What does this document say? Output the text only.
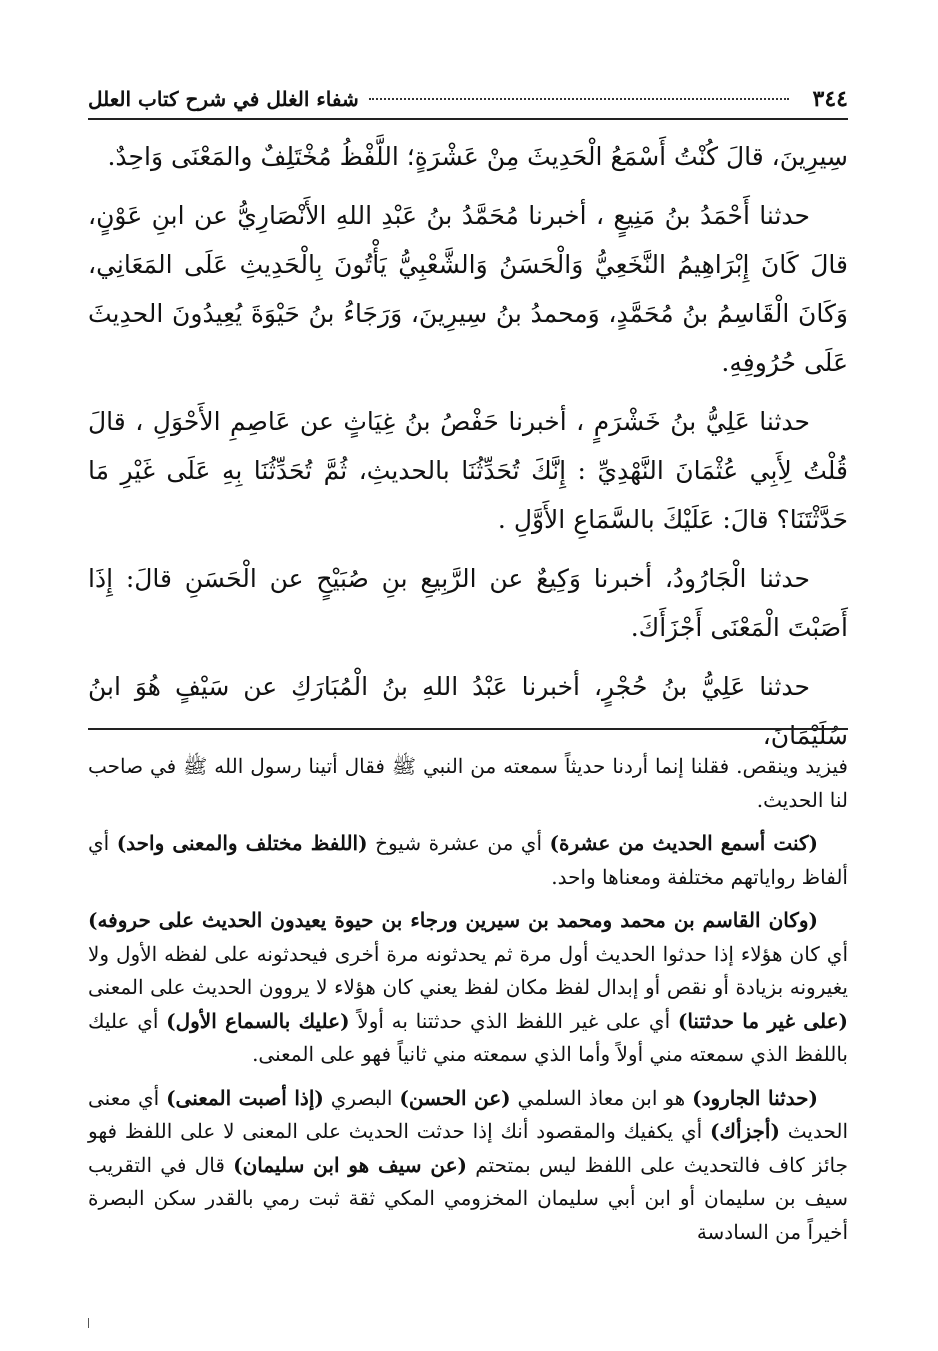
٣٤٤
شفاء الغلل في شرح كتاب العلل

سِيرِينَ، قالَ كُنْتُ أَسْمَعُ الْحَدِيثَ مِنْ عَشْرَةٍ؛ اللَّفْظُ مُخْتَلِفٌ والمَعْنَى وَاحِدٌ.

حدثنا أَحْمَدُ بنُ مَنِيعٍ ، أخبرنا مُحَمَّدُ بنُ عَبْدِ اللهِ الأَنْصَارِيُّ عن ابنِ عَوْنٍ، قالَ كَانَ إِبْرَاهِيمُ النَّخَعِيُّ وَالْحَسَنُ وَالشَّعْبِيُّ يَأْتُونَ بِالْحَدِيثِ عَلَى المَعَانِي، وَكَانَ الْقَاسِمُ بنُ مُحَمَّدٍ، وَمحمدُ بنُ سِيرِينَ، وَرَجَاءُ بنُ حَيْوَةَ يُعِيدُونَ الحدِيثَ عَلَى حُرُوفِهِ.

حدثنا عَلِيُّ بنُ خَشْرَمٍ ، أخبرنا حَفْصُ بنُ غِيَاثٍ عن عَاصِمِ الأَحْوَلِ ، قالَ قُلْتُ لِأَبِي عُثْمَانَ النَّهْدِيِّ : إِنَّكَ تُحَدِّثُنَا بالحديثِ، ثُمَّ تُحَدِّثُنَا بِهِ عَلَى غَيْرِ مَا حَدَّثْتَنَا؟ قالَ: عَلَيْكَ بالسَّمَاعِ الأَوَّلِ .

حدثنا الْجَارُودُ، أخبرنا وَكِيعٌ عن الرَّبِيعِ بنِ صُبَيْحٍ عن الْحَسَنِ قالَ: إِذَا أَصَبْتَ الْمَعْنَى أَجْزَأَكَ.

حدثنا عَلِيُّ بنُ حُجْرٍ، أخبرنا عَبْدُ اللهِ بنُ الْمُبَارَكِ عن سَيْفٍ هُوَ ابنُ سُلَيْمَانَ،

فيزيد وينقص. فقلنا إنما أردنا حديثاً سمعته من النبي ﷺ فقال أتينا رسول الله ﷺ في صاحب لنا الحديث.

(كنت أسمع الحديث من عشرة) أي من عشرة شيوخ (اللفظ مختلف والمعنى واحد) أي ألفاظ رواياتهم مختلفة ومعناها واحد.

(وكان القاسم بن محمد ومحمد بن سيرين ورجاء بن حيوة يعيدون الحديث على حروفه) أي كان هؤلاء إذا حدثوا الحديث أول مرة ثم يحدثونه مرة أخرى فيحدثونه على لفظه الأول ولا يغيرونه بزيادة أو نقص أو إبدال لفظ مكان لفظ يعني كان هؤلاء لا يروون الحديث على المعنى (على غير ما حدثتنا) أي على غير اللفظ الذي حدثتنا به أولاً (عليك بالسماع الأول) أي عليك باللفظ الذي سمعته مني أولاً وأما الذي سمعته مني ثانياً فهو على المعنى.

(حدثنا الجارود) هو ابن معاذ السلمي (عن الحسن) البصري (إذا أصبت المعنى) أي معنى الحديث (أجزأك) أي يكفيك والمقصود أنك إذا حدثت الحديث على المعنى لا على اللفظ فهو جائز كاف فالتحديث على اللفظ ليس بمتحتم (عن سيف هو ابن سليمان) قال في التقريب سيف بن سليمان أو ابن أبي سليمان المخزومي المكي ثقة ثبت رمي بالقدر سكن البصرة أخيراً من السادسة
